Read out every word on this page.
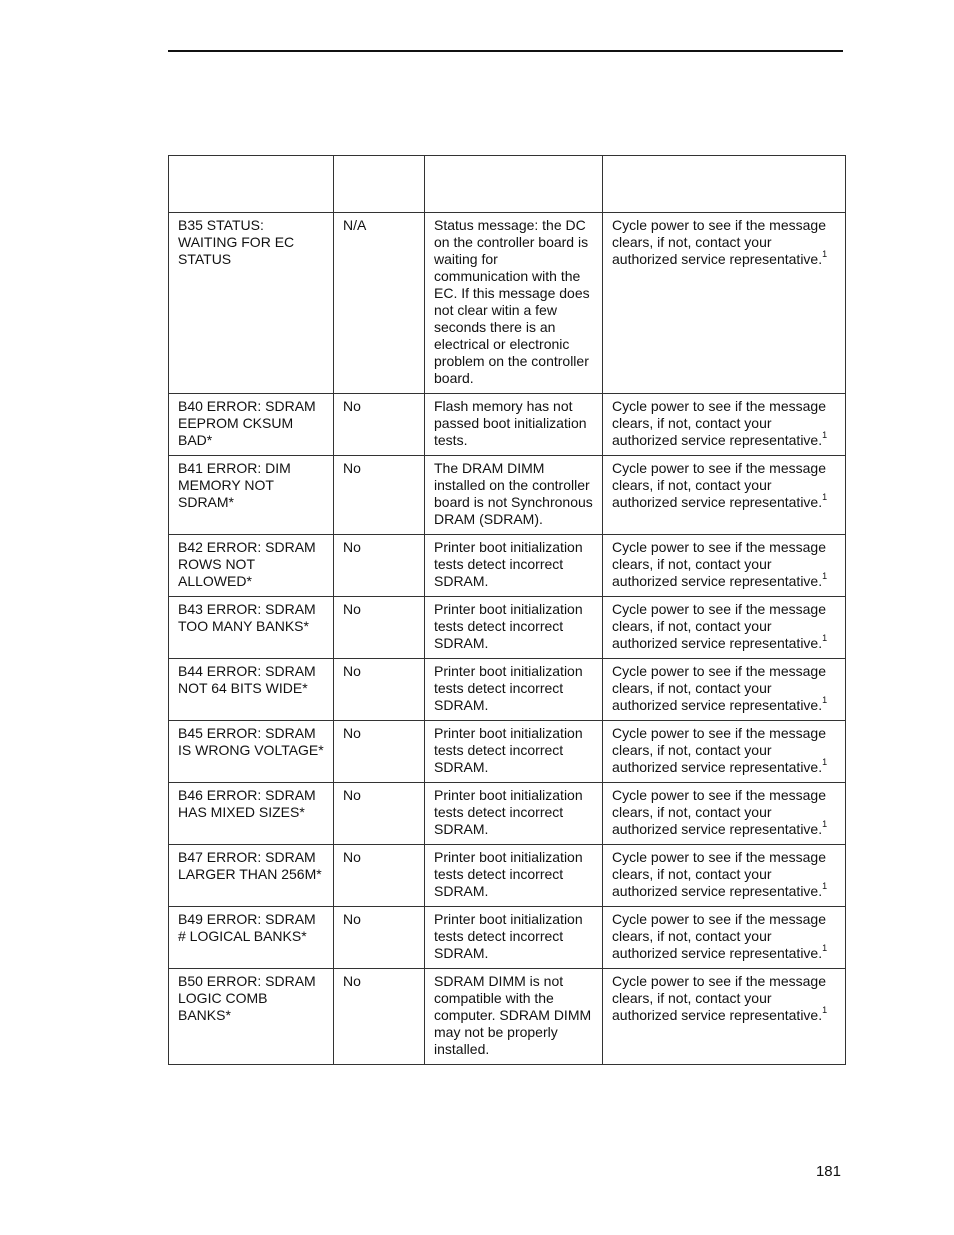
B35 STATUS: WAITING FOR EC STATUS	N/A	Status message: the DC on the controller board is waiting for communication with the EC. If this message does not clear witin a few seconds there is an electrical or electronic problem on the controller board.	Cycle power to see if the message clears, if not, contact your authorized service representative.$^1$
B40 ERROR: SDRAM EEPROM CKSUM BAD*	No	Flash memory has not passed boot initialization tests.	Cycle power to see if the message clears, if not, contact your authorized service representative.$^1$
B41 ERROR: DIM MEMORY NOT SDRAM*	No	The DRAM DIMM installed on the controller board is not Synchronous DRAM (SDRAM).	Cycle power to see if the message clears, if not, contact your authorized service representative.$^1$
B42 ERROR: SDRAM ROWS NOT ALLOWED*	No	Printer boot initialization tests detect incorrect SDRAM.	Cycle power to see if the message clears, if not, contact your authorized service representative.$^1$
B43 ERROR: SDRAM TOO MANY BANKS*	No	Printer boot initialization tests detect incorrect SDRAM.	Cycle power to see if the message clears, if not, contact your authorized service representative.$^1$
B44 ERROR: SDRAM NOT 64 BITS WIDE*	No	Printer boot initialization tests detect incorrect SDRAM.	Cycle power to see if the message clears, if not, contact your authorized service representative.$^1$
B45 ERROR: SDRAM IS WRONG VOLTAGE*	No	Printer boot initialization tests detect incorrect SDRAM.	Cycle power to see if the message clears, if not, contact your authorized service representative.$^1$
B46 ERROR: SDRAM HAS MIXED SIZES*	No	Printer boot initialization tests detect incorrect SDRAM.	Cycle power to see if the message clears, if not, contact your authorized service representative.$^1$
B47 ERROR: SDRAM LARGER THAN 256M*	No	Printer boot initialization tests detect incorrect SDRAM.	Cycle power to see if the message clears, if not, contact your authorized service representative.$^1$
B49 ERROR: SDRAM # LOGICAL BANKS*	No	Printer boot initialization tests detect incorrect SDRAM.	Cycle power to see if the message clears, if not, contact your authorized service representative.$^1$
B50 ERROR: SDRAM LOGIC COMB BANKS*	No	SDRAM DIMM is not compatible with the computer. SDRAM DIMM may not be properly installed.	Cycle power to see if the message clears, if not, contact your authorized service representative.$^1$
181
